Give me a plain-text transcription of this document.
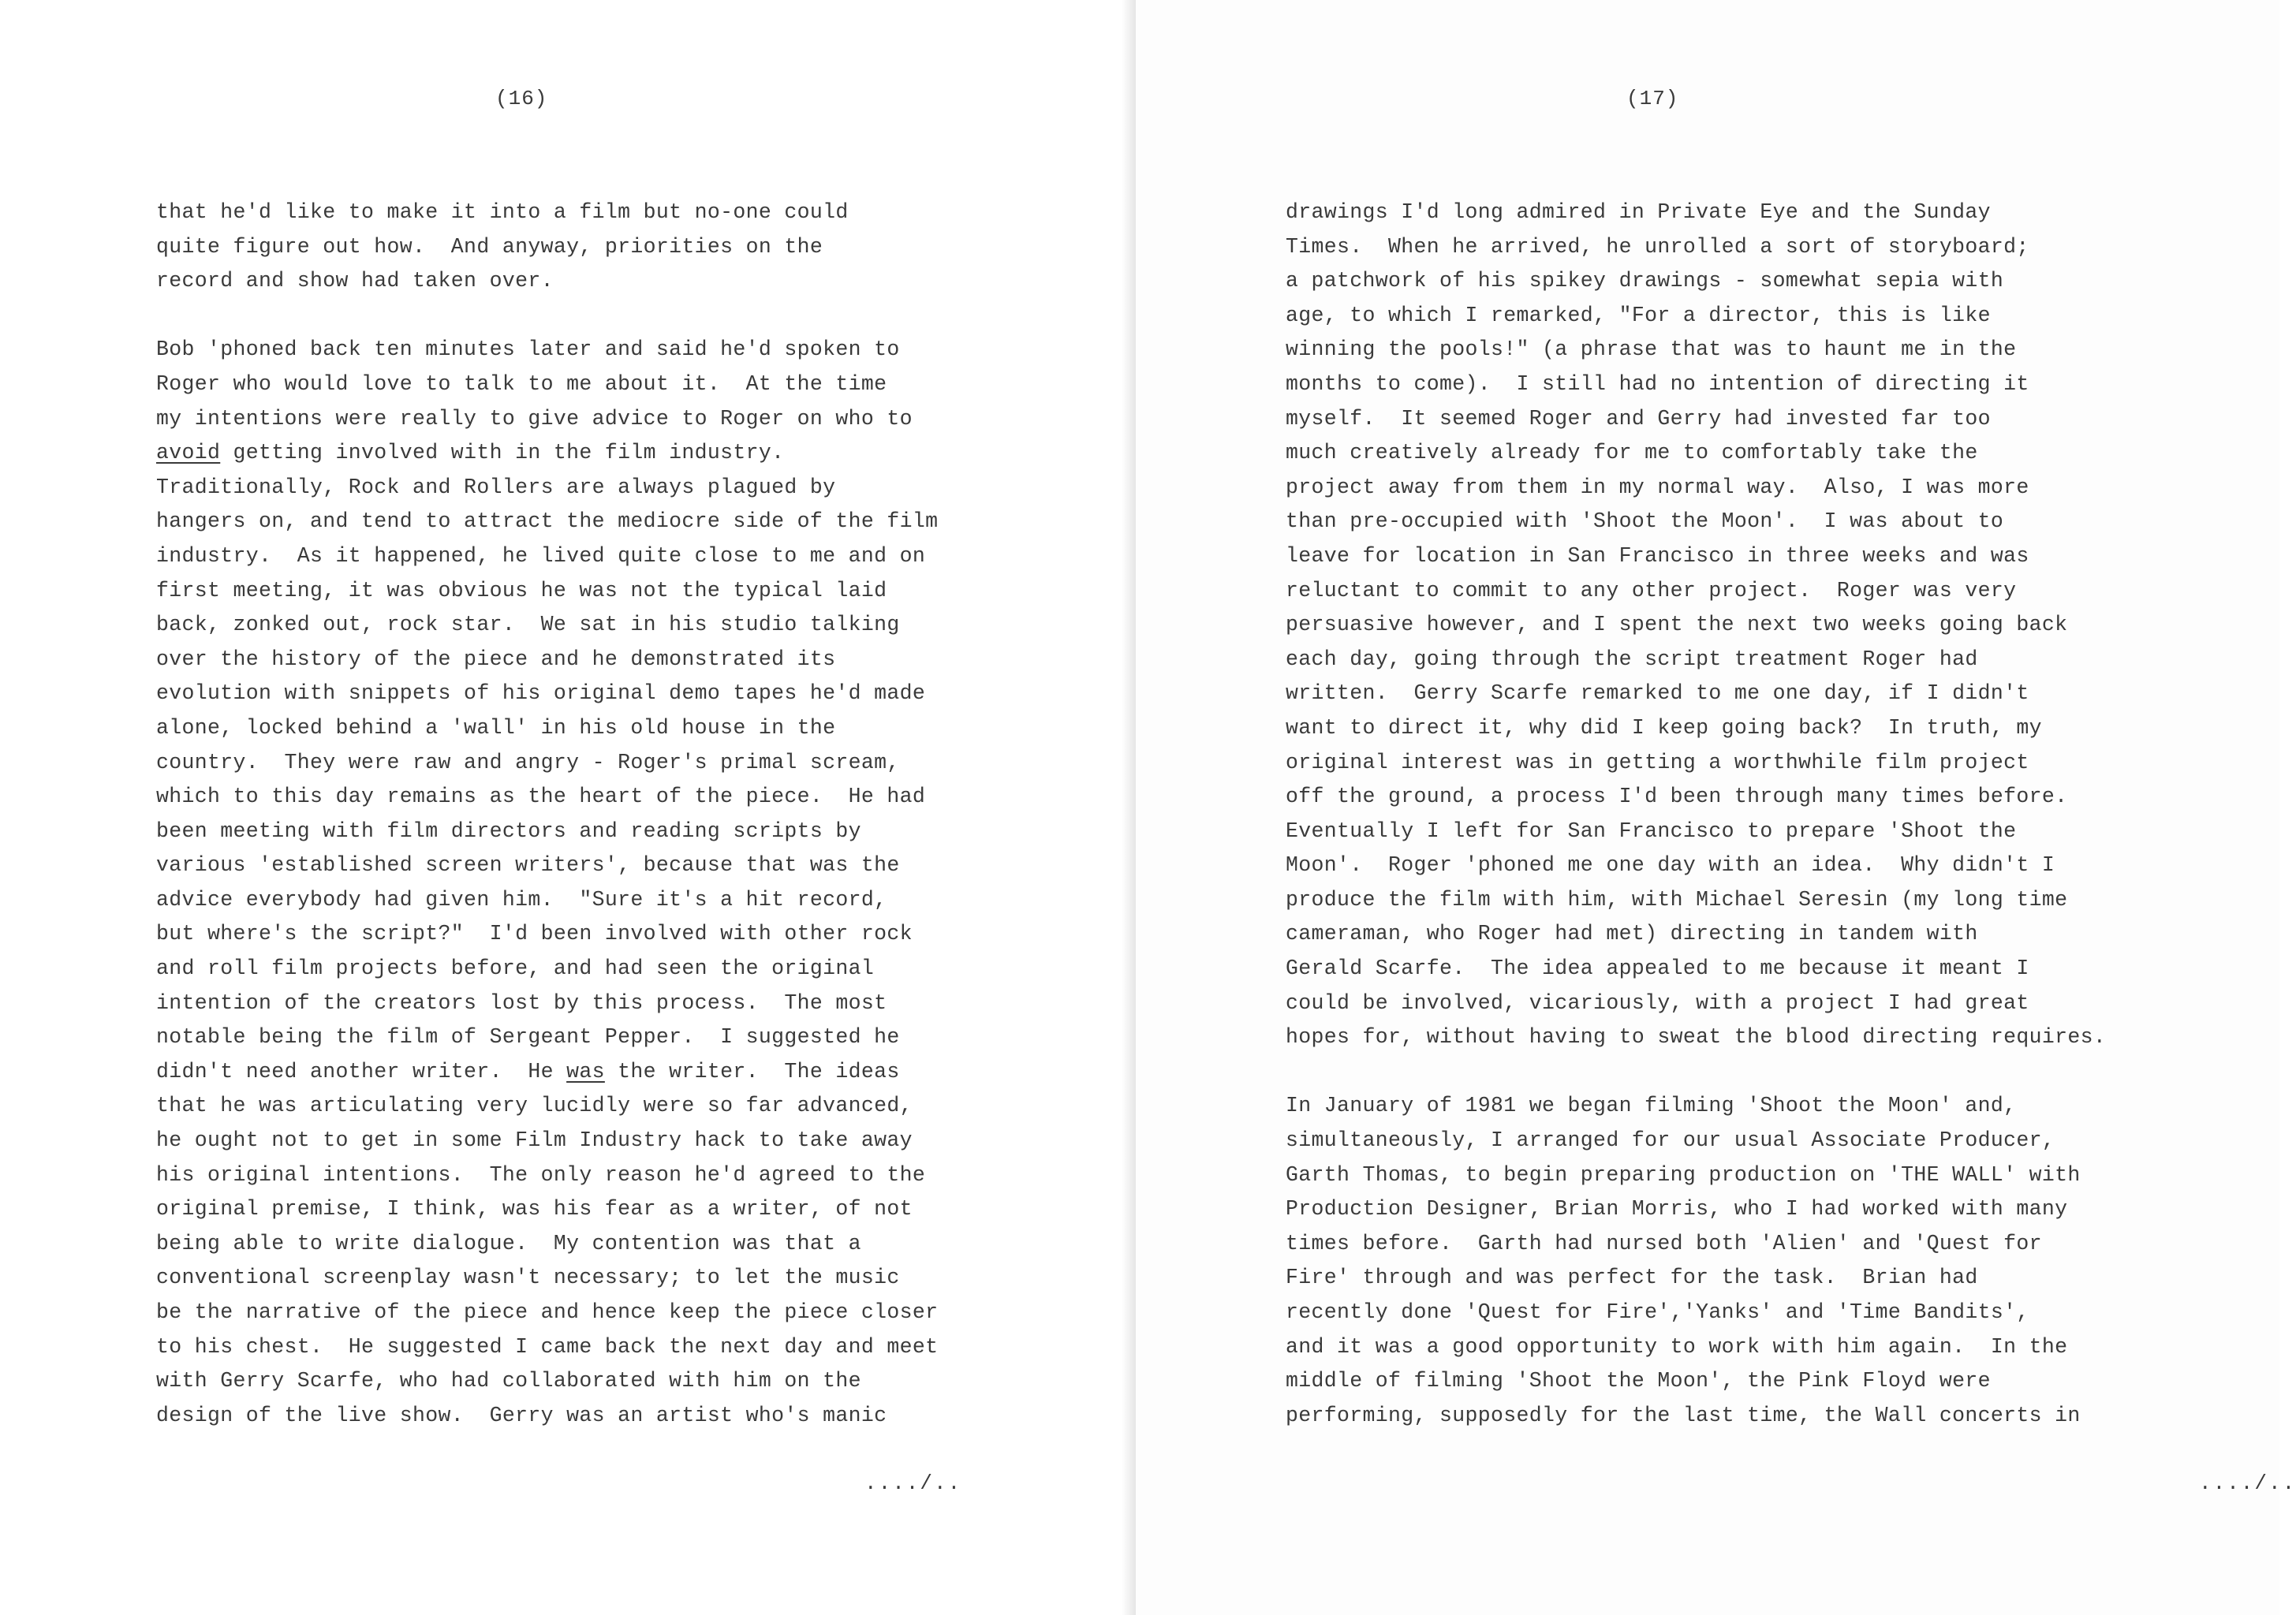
(16)
that he'd like to make it into a film but no-one could
quite figure out how.  And anyway, priorities on the
record and show had taken over.
Bob 'phoned back ten minutes later and said he'd spoken to
Roger who would love to talk to me about it.  At the time
my intentions were really to give advice to Roger on who to
avoid getting involved with in the film industry.
Traditionally, Rock and Rollers are always plagued by
hangers on, and tend to attract the mediocre side of the film
industry.  As it happened, he lived quite close to me and on
first meeting, it was obvious he was not the typical laid
back, zonked out, rock star.  We sat in his studio talking
over the history of the piece and he demonstrated its
evolution with snippets of his original demo tapes he'd made
alone, locked behind a 'wall' in his old house in the
country.  They were raw and angry - Roger's primal scream,
which to this day remains as the heart of the piece.  He had
been meeting with film directors and reading scripts by
various 'established screen writers', because that was the
advice everybody had given him.  "Sure it's a hit record,
but where's the script?"  I'd been involved with other rock
and roll film projects before, and had seen the original
intention of the creators lost by this process.  The most
notable being the film of Sergeant Pepper.  I suggested he
didn't need another writer.  He was the writer.  The ideas
that he was articulating very lucidly were so far advanced,
he ought not to get in some Film Industry hack to take away
his original intentions.  The only reason he'd agreed to the
original premise, I think, was his fear as a writer, of not
being able to write dialogue.  My contention was that a
conventional screenplay wasn't necessary; to let the music
be the narrative of the piece and hence keep the piece closer
to his chest.  He suggested I came back the next day and meet
with Gerry Scarfe, who had collaborated with him on the
design of the live show.  Gerry was an artist who's manic
..../..
(17)
drawings I'd long admired in Private Eye and the Sunday
Times.  When he arrived, he unrolled a sort of storyboard;
a patchwork of his spikey drawings - somewhat sepia with
age, to which I remarked, "For a director, this is like
winning the pools!" (a phrase that was to haunt me in the
months to come).  I still had no intention of directing it
myself.  It seemed Roger and Gerry had invested far too
much creatively already for me to comfortably take the
project away from them in my normal way.  Also, I was more
than pre-occupied with 'Shoot the Moon'.  I was about to
leave for location in San Francisco in three weeks and was
reluctant to commit to any other project.  Roger was very
persuasive however, and I spent the next two weeks going back
each day, going through the script treatment Roger had
written.  Gerry Scarfe remarked to me one day, if I didn't
want to direct it, why did I keep going back?  In truth, my
original interest was in getting a worthwhile film project
off the ground, a process I'd been through many times before.
Eventually I left for San Francisco to prepare 'Shoot the
Moon'.  Roger 'phoned me one day with an idea.  Why didn't I
produce the film with him, with Michael Seresin (my long time
cameraman, who Roger had met) directing in tandem with
Gerald Scarfe.  The idea appealed to me because it meant I
could be involved, vicariously, with a project I had great
hopes for, without having to sweat the blood directing requires.
In January of 1981 we began filming 'Shoot the Moon' and,
simultaneously, I arranged for our usual Associate Producer,
Garth Thomas, to begin preparing production on 'THE WALL' with
Production Designer, Brian Morris, who I had worked with many
times before.  Garth had nursed both 'Alien' and 'Quest for
Fire' through and was perfect for the task.  Brian had
recently done 'Quest for Fire','Yanks' and 'Time Bandits',
and it was a good opportunity to work with him again.  In the
middle of filming 'Shoot the Moon', the Pink Floyd were
performing, supposedly for the last time, the Wall concerts in
..../..
